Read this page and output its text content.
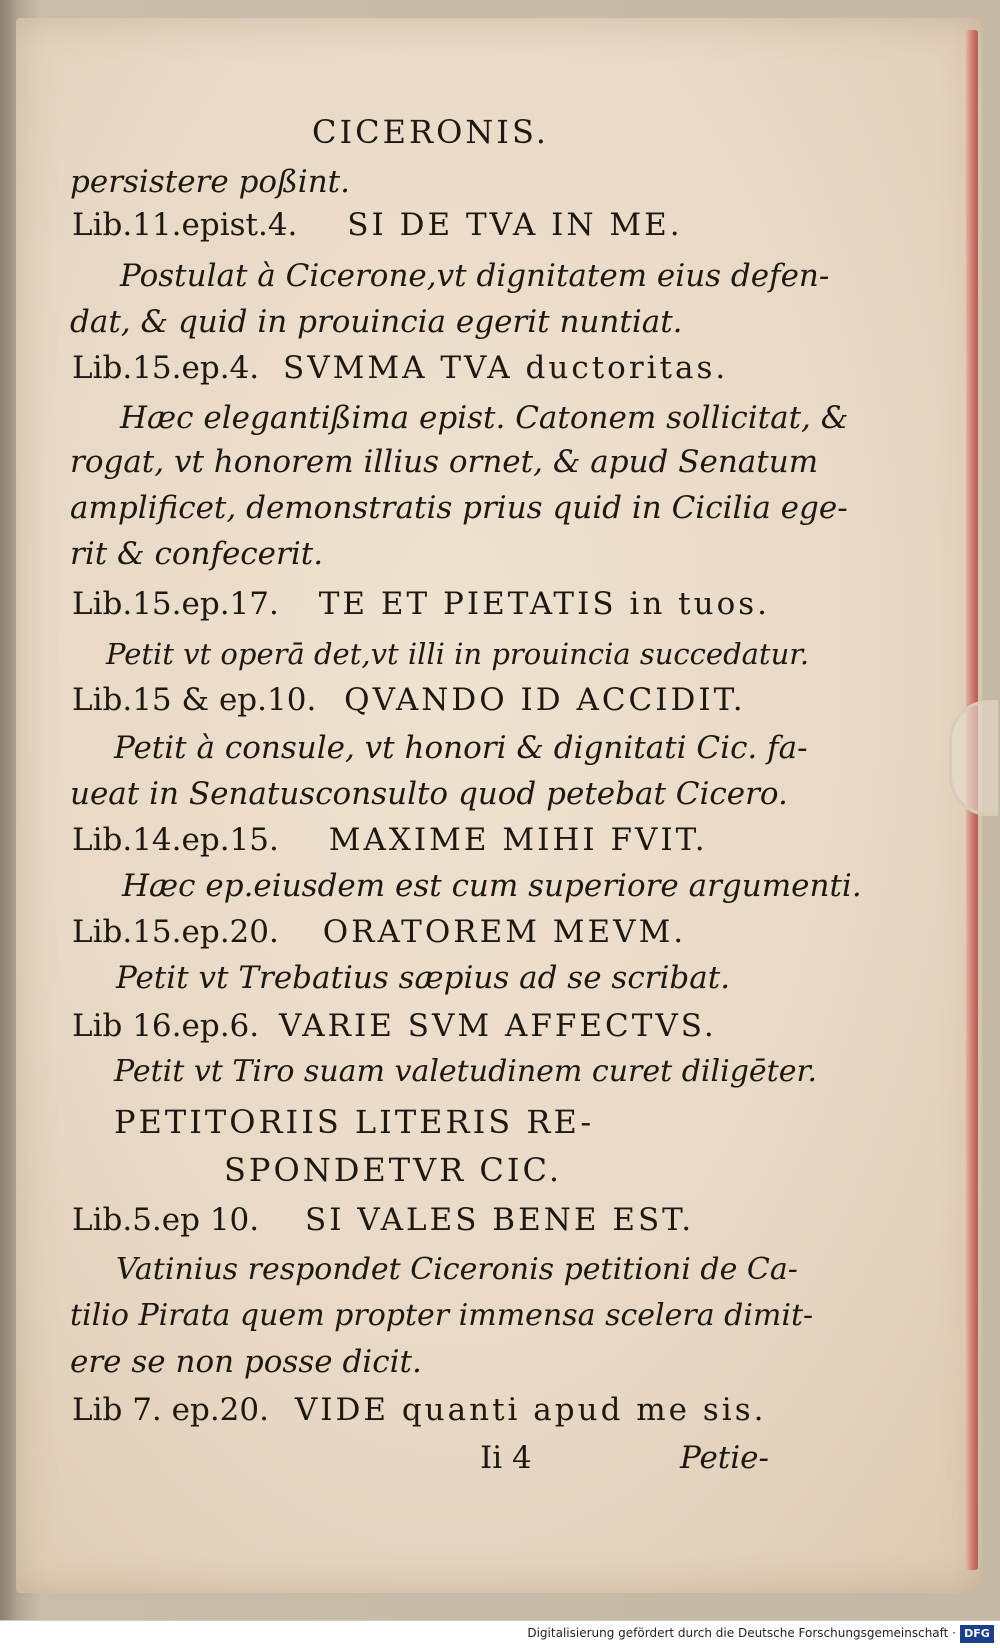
CICERONIS.
persistere poßint.
Lib.11.epist.4. SI DE TVA IN ME.
Postulat à Cicerone,vt dignitatem eius defen-
dat, & quid in prouincia egerit nuntiat.
Lib.15.ep.4. SVMMA TVA ductoritas.
Hæc elegantißima epist. Catonem sollicitat, &
rogat, vt honorem illius ornet, & apud Senatum
amplificet, demonstratis prius quid in Cicilia ege-
rit & confecerit.
Lib.15.ep.17. TE ET PIETATIS in tuos.
Petit vt operā det,vt illi in prouincia succedatur.
Lib.15 & ep.10. QVANDO ID ACCIDIT.
Petit à consule, vt honori & dignitati Cic. fa-
ueat in Senatusconsulto quod petebat Cicero.
Lib.14.ep.15. MAXIME MIHI FVIT.
Hæc ep.eiusdem est cum superiore argumenti.
Lib.15.ep.20. ORATOREM MEVM.
Petit vt Trebatius sæpius ad se scribat.
Lib 16.ep.6. VARIE SVM AFFECTVS.
Petit vt Tiro suam valetudinem curet diligēter.
PETITORIIS LITERIS RE-
SPONDETVR CIC.
Lib.5.ep 10. SI VALES BENE EST.
Vatinius respondet Ciceronis petitioni de Ca-
tilio Pirata quem propter immensa scelera dimit-
ere se non posse dicit.
Lib 7. ep.20. VIDE quanti apud me sis.
Ii 4	Petie-
Digitalisierung gefördert durch die Deutsche Forschungsgemeinschaft · DFG
